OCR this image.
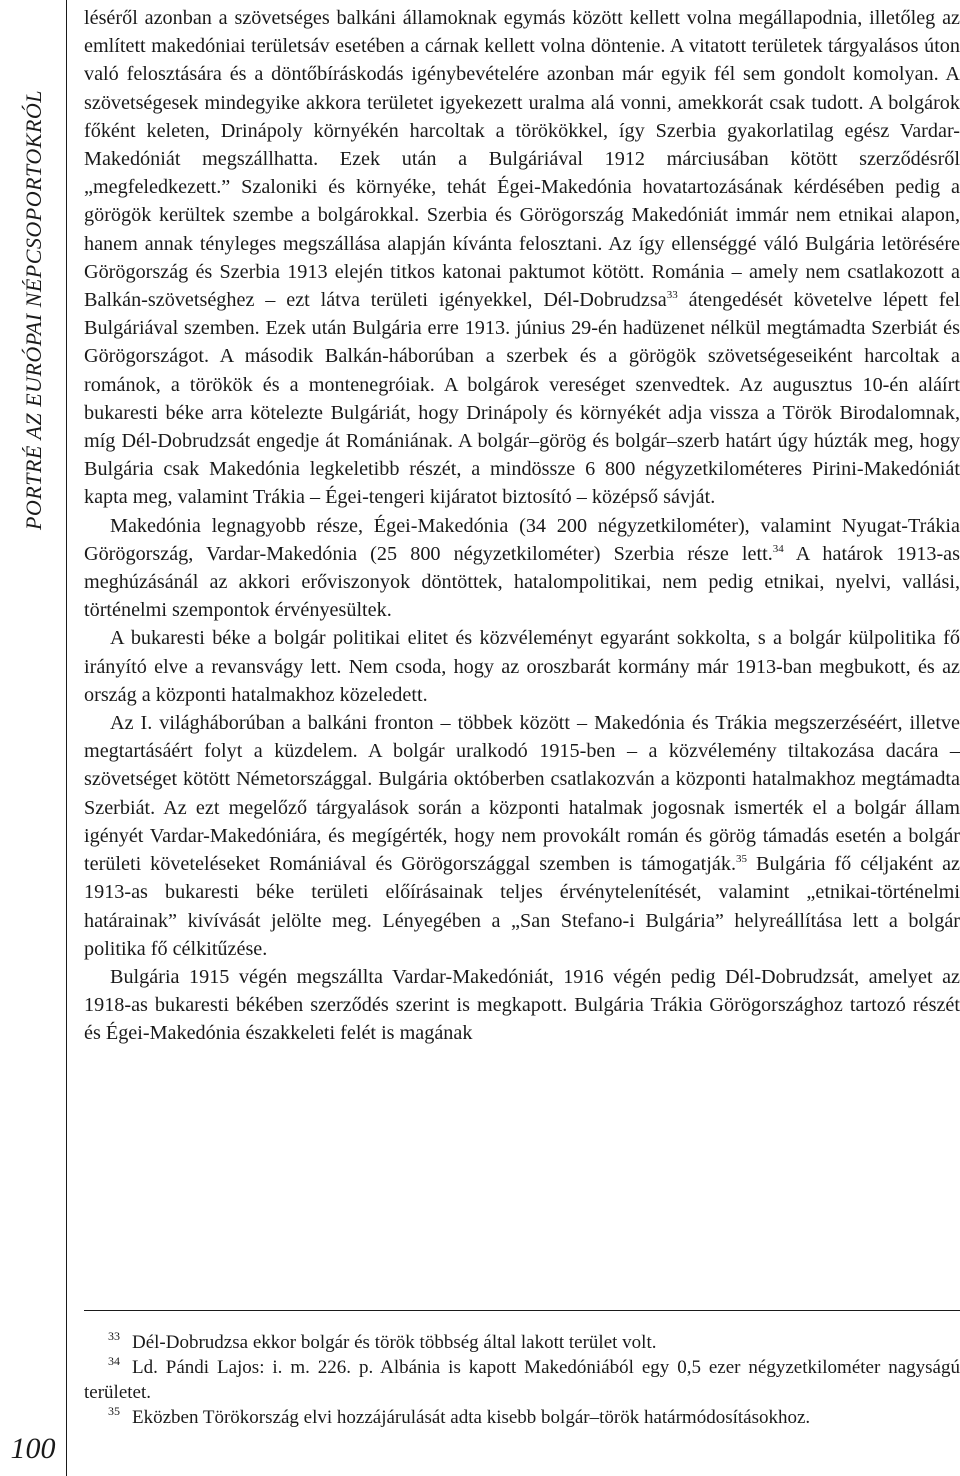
PORTRÉ AZ EURÓPAI NÉPCSOPORTOKRÓL
100

léséről azonban a szövetséges balkáni államoknak egymás között kellett volna megállapodnia, illetőleg az említett makedóniai területsáv esetében a cárnak kellett volna döntenie. A vitatott területek tárgyalásos úton való felosztására és a döntőbíráskodás igénybevételére azonban már egyik fél sem gondolt komolyan. A szövetségesek mindegyike akkora területet igyekezett uralma alá vonni, amekkorát csak tudott. A bolgárok főként keleten, Drinápoly környékén harcoltak a törökökkel, így Szerbia gyakorlatilag egész Vardar-Makedóniát megszállhatta. Ezek után a Bulgáriával 1912 márciusában kötött szerződésről „megfeledkezett.” Szaloniki és környéke, tehát Égei-Makedónia hovatartozásának kérdésében pedig a görögök kerültek szembe a bolgárokkal. Szerbia és Görögország Makedóniát immár nem etnikai alapon, hanem annak tényleges megszállása alapján kívánta felosztani. Az így ellenséggé váló Bulgária letörésére Görögország és Szerbia 1913 elején titkos katonai paktumot kötött. Románia – amely nem csatlakozott a Balkán-szövetséghez – ezt látva területi igényekkel, Dél-Dobrudzsa$^{33}$ átengedését követelve lépett fel Bulgáriával szemben. Ezek után Bulgária erre 1913. június 29-én hadüzenet nélkül megtámadta Szerbiát és Görögországot. A második Balkán-háborúban a szerbek és a görögök szövetségeseiként harcoltak a románok, a törökök és a montenegróiak. A bolgárok vereséget szenvedtek. Az augusztus 10-én aláírt bukaresti béke arra kötelezte Bulgáriát, hogy Drinápoly és környékét adja vissza a Török Birodalomnak, míg Dél-Dobrudzsát engedje át Romániának. A bolgár–görög és bolgár–szerb határt úgy húzták meg, hogy Bulgária csak Makedónia legkeletibb részét, a mindössze 6 800 négyzetkilométeres Pirini-Makedóniát kapta meg, valamint Trákia – Égei-tengeri kijáratot biztosító – középső sávját.

Makedónia legnagyobb része, Égei-Makedónia (34 200 négyzetkilométer), valamint Nyugat-Trákia Görögország, Vardar-Makedónia (25 800 négyzetkilométer) Szerbia része lett.$^{34}$ A határok 1913-as meghúzásánál az akkori erőviszonyok döntöttek, hatalompolitikai, nem pedig etnikai, nyelvi, vallási, történelmi szempontok érvényesültek.

A bukaresti béke a bolgár politikai elitet és közvéleményt egyaránt sokkolta, s a bolgár külpolitika fő irányító elve a revansvágy lett. Nem csoda, hogy az oroszbarát kormány már 1913-ban megbukott, és az ország a központi hatalmakhoz közeledett.

Az I. világháborúban a balkáni fronton – többek között – Makedónia és Trákia megszerzéséért, illetve megtartásáért folyt a küzdelem. A bolgár uralkodó 1915-ben – a közvélemény tiltakozása dacára – szövetséget kötött Németországgal. Bulgária októberben csatlakozván a központi hatalmakhoz megtámadta Szerbiát. Az ezt megelőző tárgyalások során a központi hatalmak jogosnak ismerték el a bolgár állam igényét Vardar-Makedóniára, és megígérték, hogy nem provokált román és görög támadás esetén a bolgár területi követeléseket Romániával és Görögországgal szemben is támogatják.$^{35}$ Bulgária fő céljaként az 1913-as bukaresti béke területi előírásainak teljes érvénytelenítését, valamint „etnikai-történelmi határainak” kivívását jelölte meg. Lényegében a „San Stefano-i Bulgária” helyreállítása lett a bolgár politika fő célkitűzése.

Bulgária 1915 végén megszállta Vardar-Makedóniát, 1916 végén pedig Dél-Dobrudzsát, amelyet az 1918-as bukaresti békében szerződés szerint is megkapott. Bulgária Trákia Görögországhoz tartozó részét és Égei-Makedónia északkeleti felét is magának

$^{33}$ Dél-Dobrudzsa ekkor bolgár és török többség által lakott terület volt.

$^{34}$ Ld. Pándi Lajos: i. m. 226. p. Albánia is kapott Makedóniából egy 0,5 ezer négyzetkilométer nagyságú területet.

$^{35}$ Eközben Törökország elvi hozzájárulását adta kisebb bolgár–török határmódosításokhoz.
